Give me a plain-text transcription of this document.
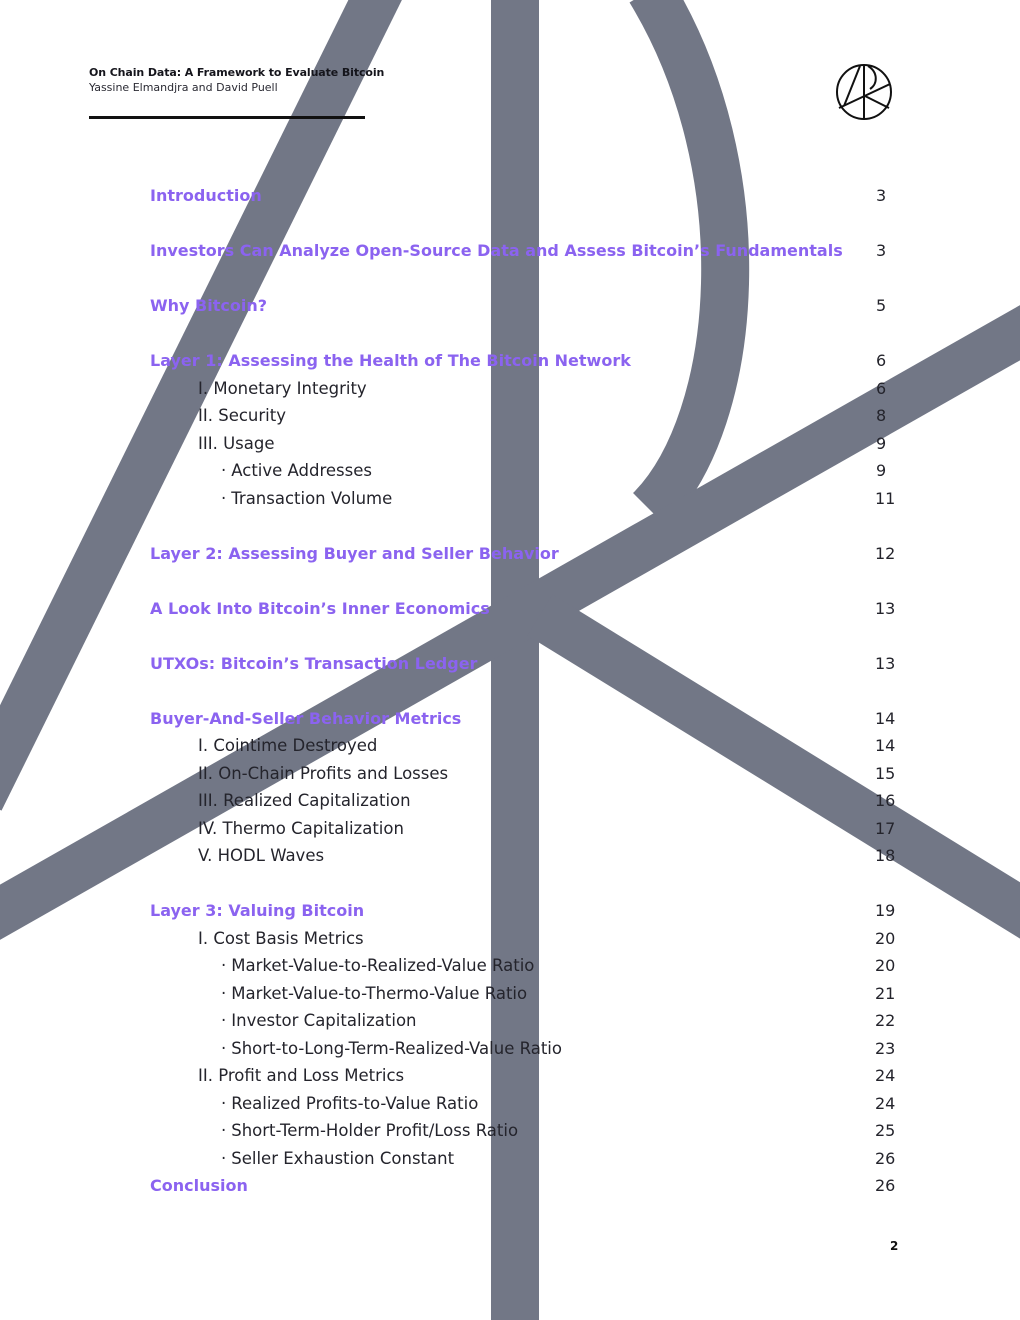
On Chain Data: A Framework to Evaluate Bitcoin
Yassine Elmandjra and David Puell
Introduction	3
Investors Can Analyze Open-Source Data and Assess Bitcoin’s Fundamentals 3
Why Bitcoin?	5
Layer 1: Assessing the Health of The Bitcoin Network	6
I. Monetary Integrity	6
II. Security	8
III. Usage	9
· Active Addresses	9
· Transaction Volume	11
Layer 2: Assessing Buyer and Seller Behavior	12
A Look Into Bitcoin’s Inner Economics	13
UTXOs: Bitcoin’s Transaction Ledger	13
Buyer-And-Seller Behavior Metrics	14
I. Cointime Destroyed	14
II. On-Chain Profits and Losses	15
III. Realized Capitalization	16
IV. Thermo Capitalization	17
V. HODL Waves	18
Layer 3: Valuing Bitcoin	19
I. Cost Basis Metrics	20
· Market-Value-to-Realized-Value Ratio	20
· Market-Value-to-Thermo-Value Ratio	21
· Investor Capitalization	22
· Short-to-Long-Term-Realized-Value Ratio	23
II. Profit and Loss Metrics	24
· Realized Profits-to-Value Ratio	24
· Short-Term-Holder Profit/Loss Ratio	25
· Seller Exhaustion Constant	26
Conclusion	26
2
